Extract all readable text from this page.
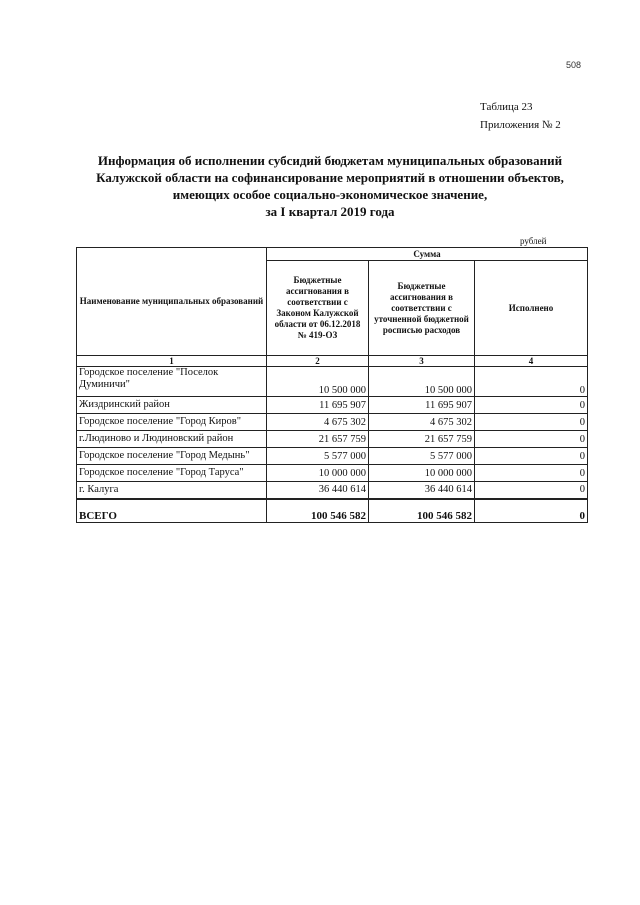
508
Таблица 23
Приложения № 2
Информация об исполнении субсидий бюджетам муниципальных образований
Калужской области на софинансирование мероприятий в отношении объектов,
имеющих особое социально-экономическое значение,
за I квартал 2019 года
рублей
Наименование муниципальных образований	Сумма		
	Бюджетные ассигнования в соответствии с Законом Калужской области от 06.12.2018 № 419-ОЗ	Бюджетные ассигнования в соответствии с уточненной бюджетной росписью расходов	Исполнено
1	2	3	4
Городское поселение "Поселок Думиничи"	10 500 000	10 500 000	0
Жиздринский район	11 695 907	11 695 907	0
Городское поселение "Город Киров"	4 675 302	4 675 302	0
г.Людиново и Людиновский район	21 657 759	21 657 759	0
Городское поселение "Город Медынь"	5 577 000	5 577 000	0
Городское поселение "Город Таруса"	10 000 000	10 000 000	0
г. Калуга	36 440 614	36 440 614	0
ВСЕГО	100 546 582	100 546 582	0
